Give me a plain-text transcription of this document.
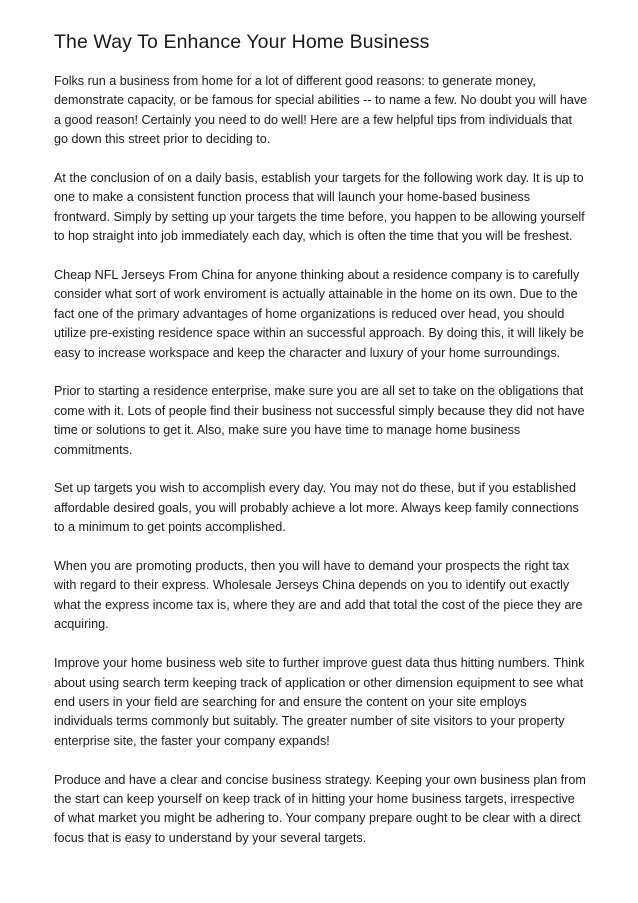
The Way To Enhance Your Home Business

Folks run a business from home for a lot of different good reasons: to generate money, demonstrate capacity, or be famous for special abilities -- to name a few. No doubt you will have a good reason! Certainly you need to do well! Here are a few helpful tips from individuals that go down this street prior to deciding to.

At the conclusion of on a daily basis, establish your targets for the following work day. It is up to one to make a consistent function process that will launch your home-based business frontward. Simply by setting up your targets the time before, you happen to be allowing yourself to hop straight into job immediately each day, which is often the time that you will be freshest.

Cheap NFL Jerseys From China for anyone thinking about a residence company is to carefully consider what sort of work enviroment is actually attainable in the home on its own. Due to the fact one of the primary advantages of home organizations is reduced over head, you should utilize pre-existing residence space within an successful approach. By doing this, it will likely be easy to increase workspace and keep the character and luxury of your home surroundings.

Prior to starting a residence enterprise, make sure you are all set to take on the obligations that come with it. Lots of people find their business not successful simply because they did not have time or solutions to get it. Also, make sure you have time to manage home business commitments.

Set up targets you wish to accomplish every day. You may not do these, but if you established affordable desired goals, you will probably achieve a lot more. Always keep family connections to a minimum to get points accomplished.

When you are promoting products, then you will have to demand your prospects the right tax with regard to their express. Wholesale Jerseys China depends on you to identify out exactly what the express income tax is, where they are and add that total the cost of the piece they are acquiring.

Improve your home business web site to further improve guest data thus hitting numbers. Think about using search term keeping track of application or other dimension equipment to see what end users in your field are searching for and ensure the content on your site employs individuals terms commonly but suitably. The greater number of site visitors to your property enterprise site, the faster your company expands!

Produce and have a clear and concise business strategy. Keeping your own business plan from the start can keep yourself on keep track of in hitting your home business targets, irrespective of what market you might be adhering to. Your company prepare ought to be clear with a direct focus that is easy to understand by your several targets.
